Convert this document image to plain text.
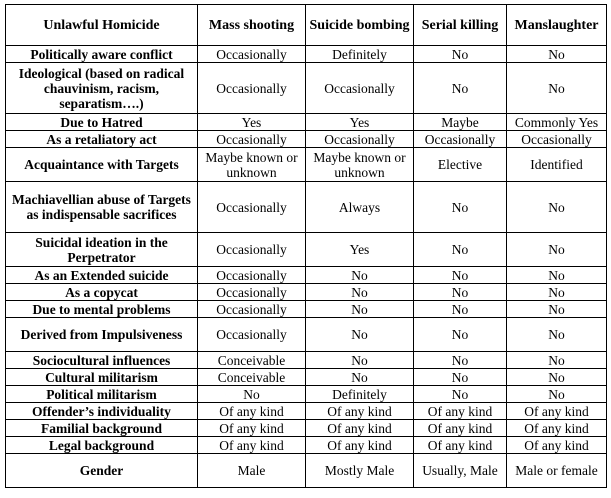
Unlawful Homicide	Mass shooting	Suicide bombing	Serial killing	Manslaughter
Politically aware conflict	Occasionally	Definitely	No	No
Ideological (based on radical chauvinism, racism, separatism….)	Occasionally	Occasionally	No	No
Due to Hatred	Yes	Yes	Maybe	Commonly Yes
As a retaliatory act	Occasionally	Occasionally	Occasionally	Occasionally
Acquaintance with Targets	Maybe known or unknown	Maybe known or unknown	Elective	Identified
Machiavellian abuse of Targets as indispensable sacrifices	Occasionally	Always	No	No
Suicidal ideation in the Perpetrator	Occasionally	Yes	No	No
As an Extended suicide	Occasionally	No	No	No
As a copycat	Occasionally	No	No	No
Due to mental problems	Occasionally	No	No	No
Derived from Impulsiveness	Occasionally	No	No	No
Sociocultural influences	Conceivable	No	No	No
Cultural militarism	Conceivable	No	No	No
Political militarism	No	Definitely	No	No
Offender’s individuality	Of any kind	Of any kind	Of any kind	Of any kind
Familial background	Of any kind	Of any kind	Of any kind	Of any kind
Legal background	Of any kind	Of any kind	Of any kind	Of any kind
Gender	Male	Mostly Male	Usually, Male	Male or female
